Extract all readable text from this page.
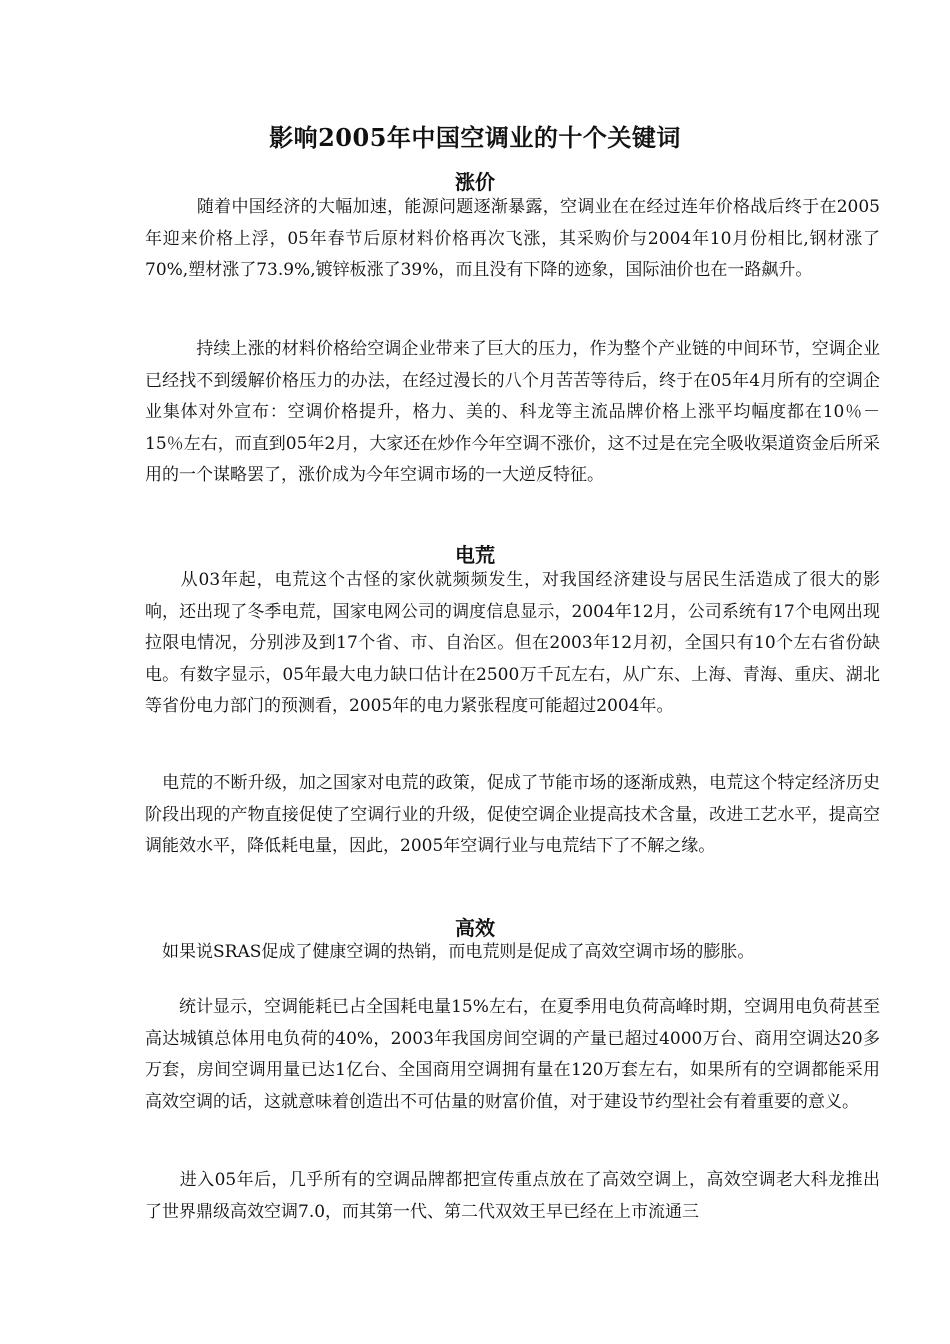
影响2005年中国空调业的十个关键词
涨价

　　　随着中国经济的大幅加速，能源问题逐渐暴露，空调业在在经过连年价格战后终于在2005年迎来价格上浮，05年春节后原材料价格再次飞涨，其采购价与2004年10月份相比,钢材涨了70%,塑材涨了73.9%,镀锌板涨了39%，而且没有下降的迹象，国际油价也在一路飙升。

　　　持续上涨的材料价格给空调企业带来了巨大的压力，作为整个产业链的中间环节，空调企业已经找不到缓解价格压力的办法，在经过漫长的八个月苦苦等待后，终于在05年4月所有的空调企业集体对外宣布：空调价格提升，格力、美的、科龙等主流品牌价格上涨平均幅度都在10％－15％左右，而直到05年2月，大家还在炒作今年空调不涨价，这不过是在完全吸收渠道资金后所采用的一个谋略罢了，涨价成为今年空调市场的一大逆反特征。

电荒

　　从03年起，电荒这个古怪的家伙就频频发生，对我国经济建设与居民生活造成了很大的影响，还出现了冬季电荒，国家电网公司的调度信息显示，2004年12月，公司系统有17个电网出现拉限电情况，分别涉及到17个省、市、自治区。但在2003年12月初，全国只有10个左右省份缺电。有数字显示，05年最大电力缺口估计在2500万千瓦左右，从广东、上海、青海、重庆、湖北等省份电力部门的预测看，2005年的电力紧张程度可能超过2004年。

　电荒的不断升级，加之国家对电荒的政策，促成了节能市场的逐渐成熟，电荒这个特定经济历史阶段出现的产物直接促使了空调行业的升级，促使空调企业提高技术含量，改进工艺水平，提高空调能效水平，降低耗电量，因此，2005年空调行业与电荒结下了不解之缘。

高效

　如果说SRAS促成了健康空调的热销，而电荒则是促成了高效空调市场的膨胀。

　　统计显示，空调能耗已占全国耗电量15%左右，在夏季用电负荷高峰时期，空调用电负荷甚至高达城镇总体用电负荷的40%，2003年我国房间空调的产量已超过4000万台、商用空调达20多万套，房间空调用量已达1亿台、全国商用空调拥有量在120万套左右，如果所有的空调都能采用高效空调的话，这就意味着创造出不可估量的财富价值，对于建设节约型社会有着重要的意义。

　　进入05年后，几乎所有的空调品牌都把宣传重点放在了高效空调上，高效空调老大科龙推出了世界鼎级高效空调7.0，而其第一代、第二代双效王早已经在上市流通三
